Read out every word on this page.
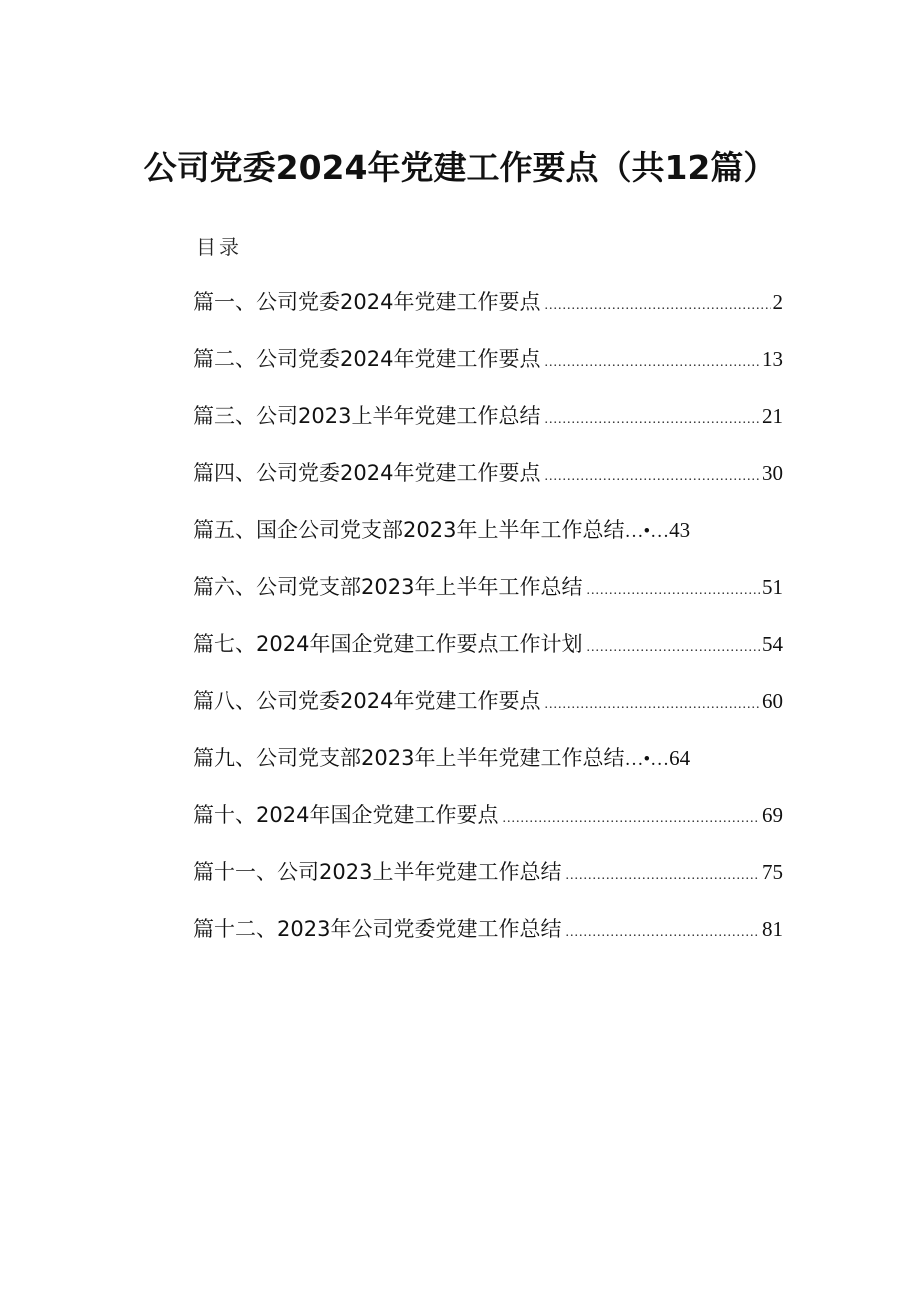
公司党委2024年党建工作要点（共12篇）
目录
篇一、公司党委2024年党建工作要点 .....	2
篇二、公司党委2024年党建工作要点 .....	13
篇三、公司2023上半年党建工作总结 .....	21
篇四、公司党委2024年党建工作要点 .....	30
篇五、国企公司党支部2023年上半年工作总结 …•… 43
篇六、公司党支部2023年上半年工作总结 .....	51
篇七、2024年国企党建工作要点工作计划 .....	54
篇八、公司党委2024年党建工作要点 .....	60
篇九、公司党支部2023年上半年党建工作总结 …•… 64
篇十、2024年国企党建工作要点 .....	69
篇十一、公司2023上半年党建工作总结 .....	75
篇十二、2023年公司党委党建工作总结 .....	81
